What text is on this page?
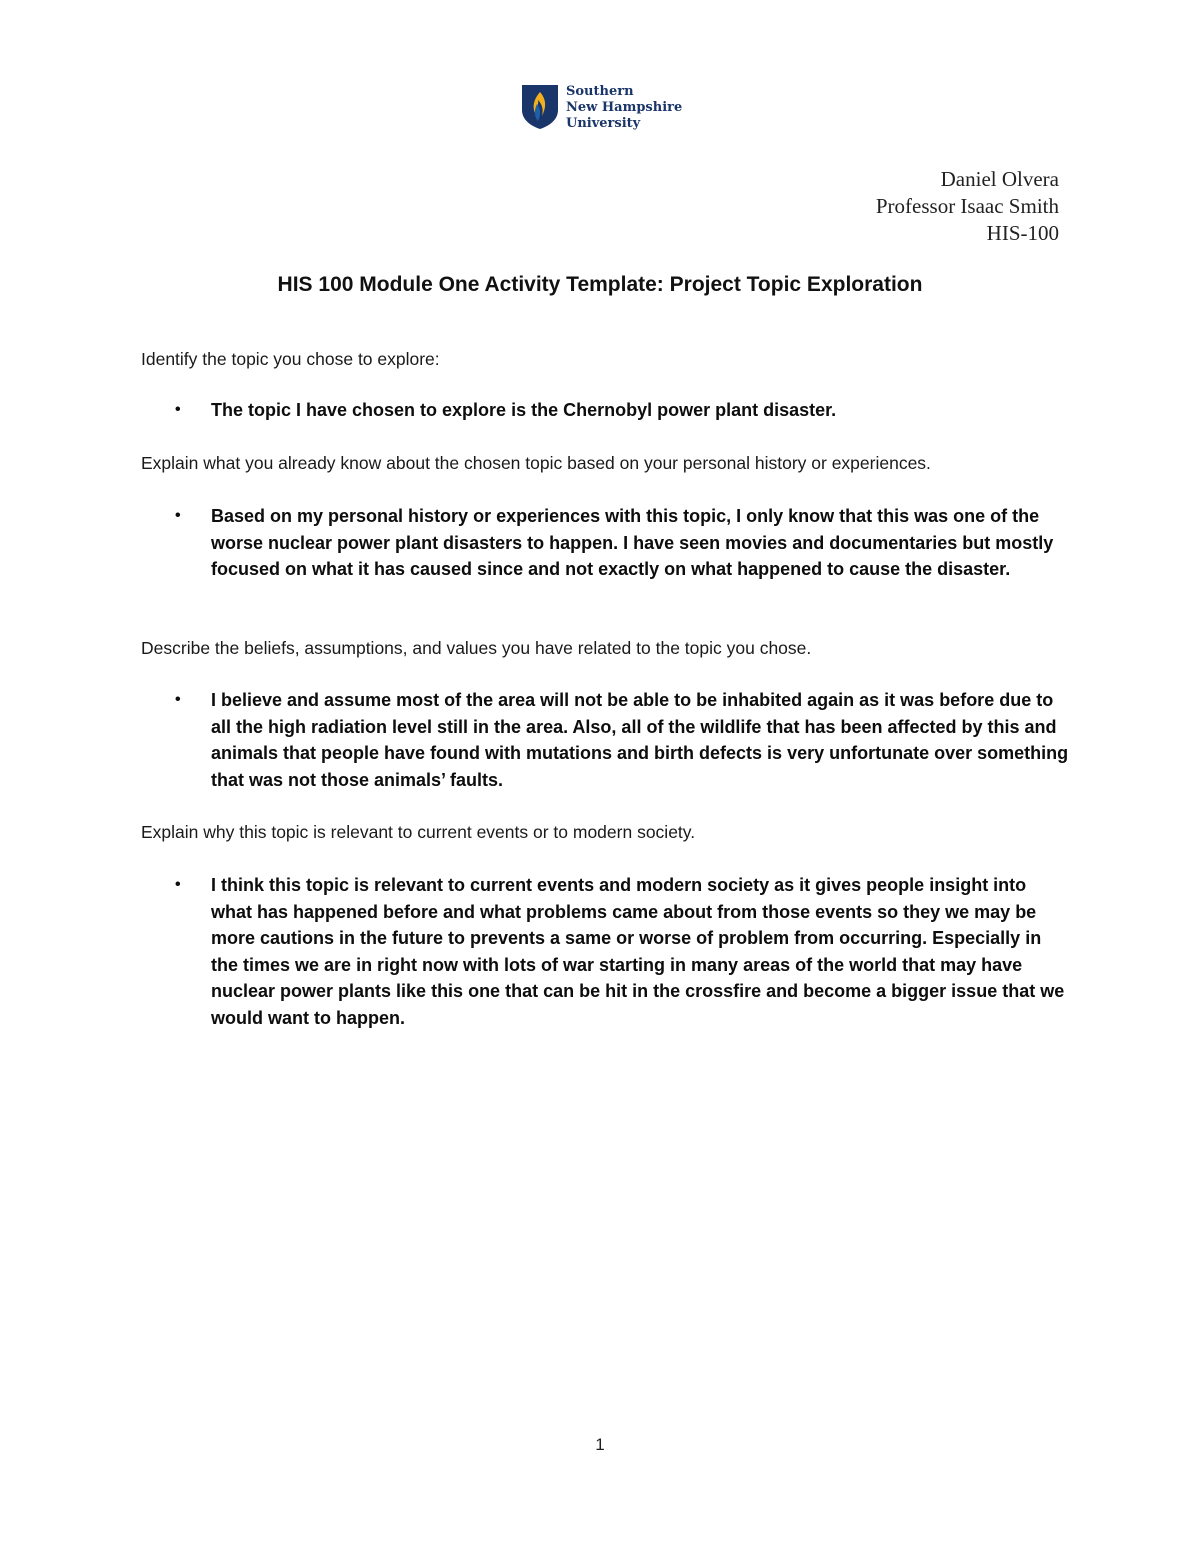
Southern
New Hampshire
University
Daniel Olvera
Professor Isaac Smith
HIS-100
HIS 100 Module One Activity Template: Project Topic Exploration
Identify the topic you chose to explore:
• The topic I have chosen to explore is the Chernobyl power plant disaster.
Explain what you already know about the chosen topic based on your personal history or experiences.
• Based on my personal history or experiences with this topic, I only know that this was one of the worse nuclear power plant disasters to happen. I have seen movies and documentaries but mostly focused on what it has caused since and not exactly on what happened to cause the disaster.
Describe the beliefs, assumptions, and values you have related to the topic you chose.
• I believe and assume most of the area will not be able to be inhabited again as it was before due to all the high radiation level still in the area. Also, all of the wildlife that has been affected by this and animals that people have found with mutations and birth defects is very unfortunate over something that was not those animals’ faults.
Explain why this topic is relevant to current events or to modern society.
• I think this topic is relevant to current events and modern society as it gives people insight into what has happened before and what problems came about from those events so they we may be more cautions in the future to prevents a same or worse of problem from occurring. Especially in the times we are in right now with lots of war starting in many areas of the world that may have nuclear power plants like this one that can be hit in the crossfire and become a bigger issue that we would want to happen.
1
